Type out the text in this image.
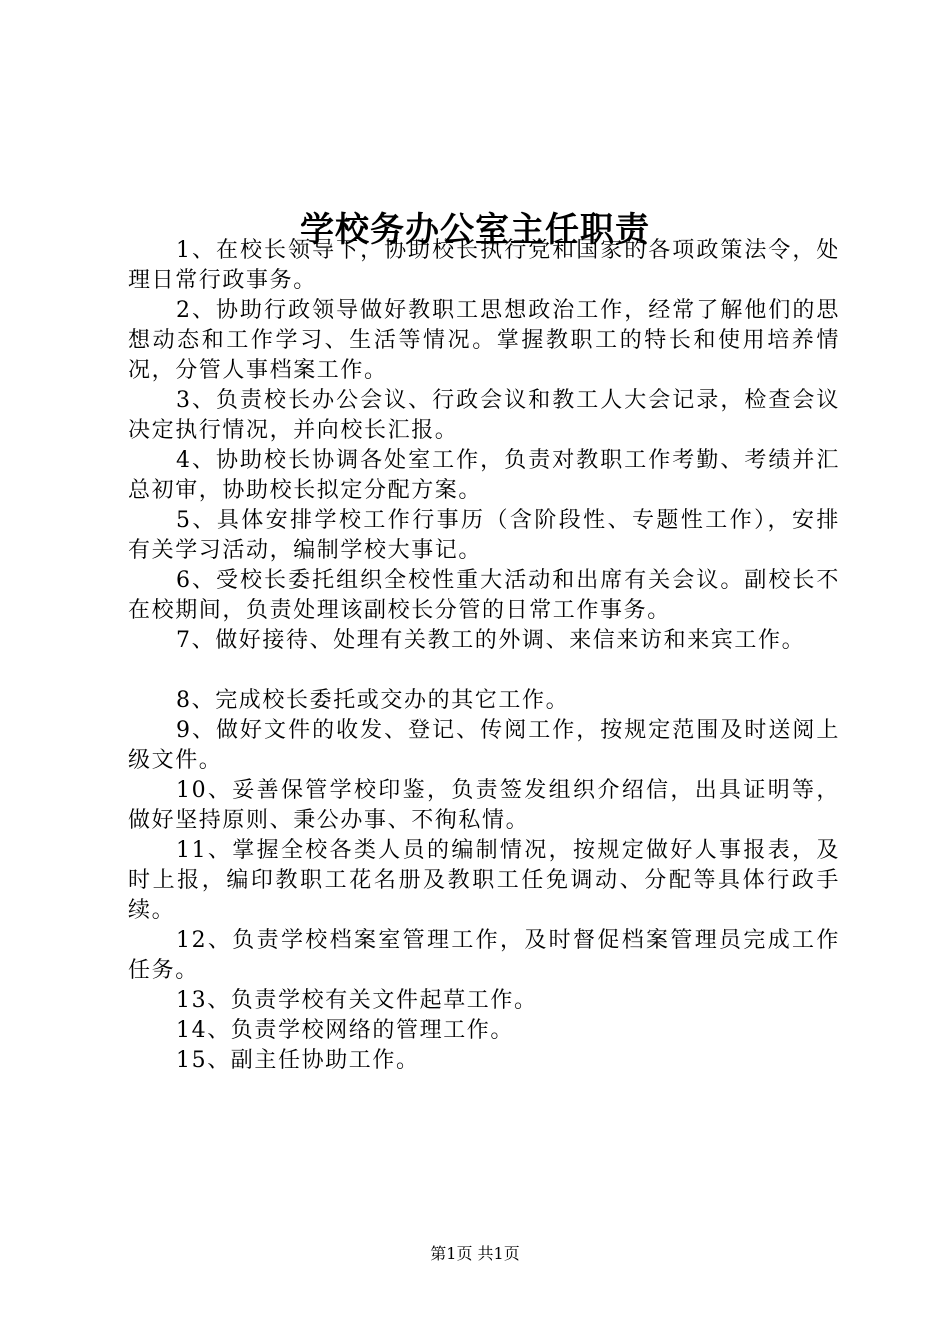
学校务办公室主任职责

1、在校长领导下，协助校长执行党和国家的各项政策法令，处理日常行政事务。

2、协助行政领导做好教职工思想政治工作，经常了解他们的思想动态和工作学习、生活等情况。掌握教职工的特长和使用培养情况，分管人事档案工作。

3、负责校长办公会议、行政会议和教工人大会记录，检查会议决定执行情况，并向校长汇报。

4、协助校长协调各处室工作，负责对教职工作考勤、考绩并汇总初审，协助校长拟定分配方案。

5、具体安排学校工作行事历（含阶段性、专题性工作），安排有关学习活动，编制学校大事记。

6、受校长委托组织全校性重大活动和出席有关会议。副校长不在校期间，负责处理该副校长分管的日常工作事务。

7、做好接待、处理有关教工的外调、来信来访和来宾工作。

8、完成校长委托或交办的其它工作。

9、做好文件的收发、登记、传阅工作，按规定范围及时送阅上级文件。

10、妥善保管学校印鉴，负责签发组织介绍信，出具证明等，做好坚持原则、秉公办事、不徇私情。

11、掌握全校各类人员的编制情况，按规定做好人事报表，及时上报，编印教职工花名册及教职工任免调动、分配等具体行政手续。

12、负责学校档案室管理工作，及时督促档案管理员完成工作任务。

13、负责学校有关文件起草工作。

14、负责学校网络的管理工作。

15、副主任协助工作。

第1页 共1页
